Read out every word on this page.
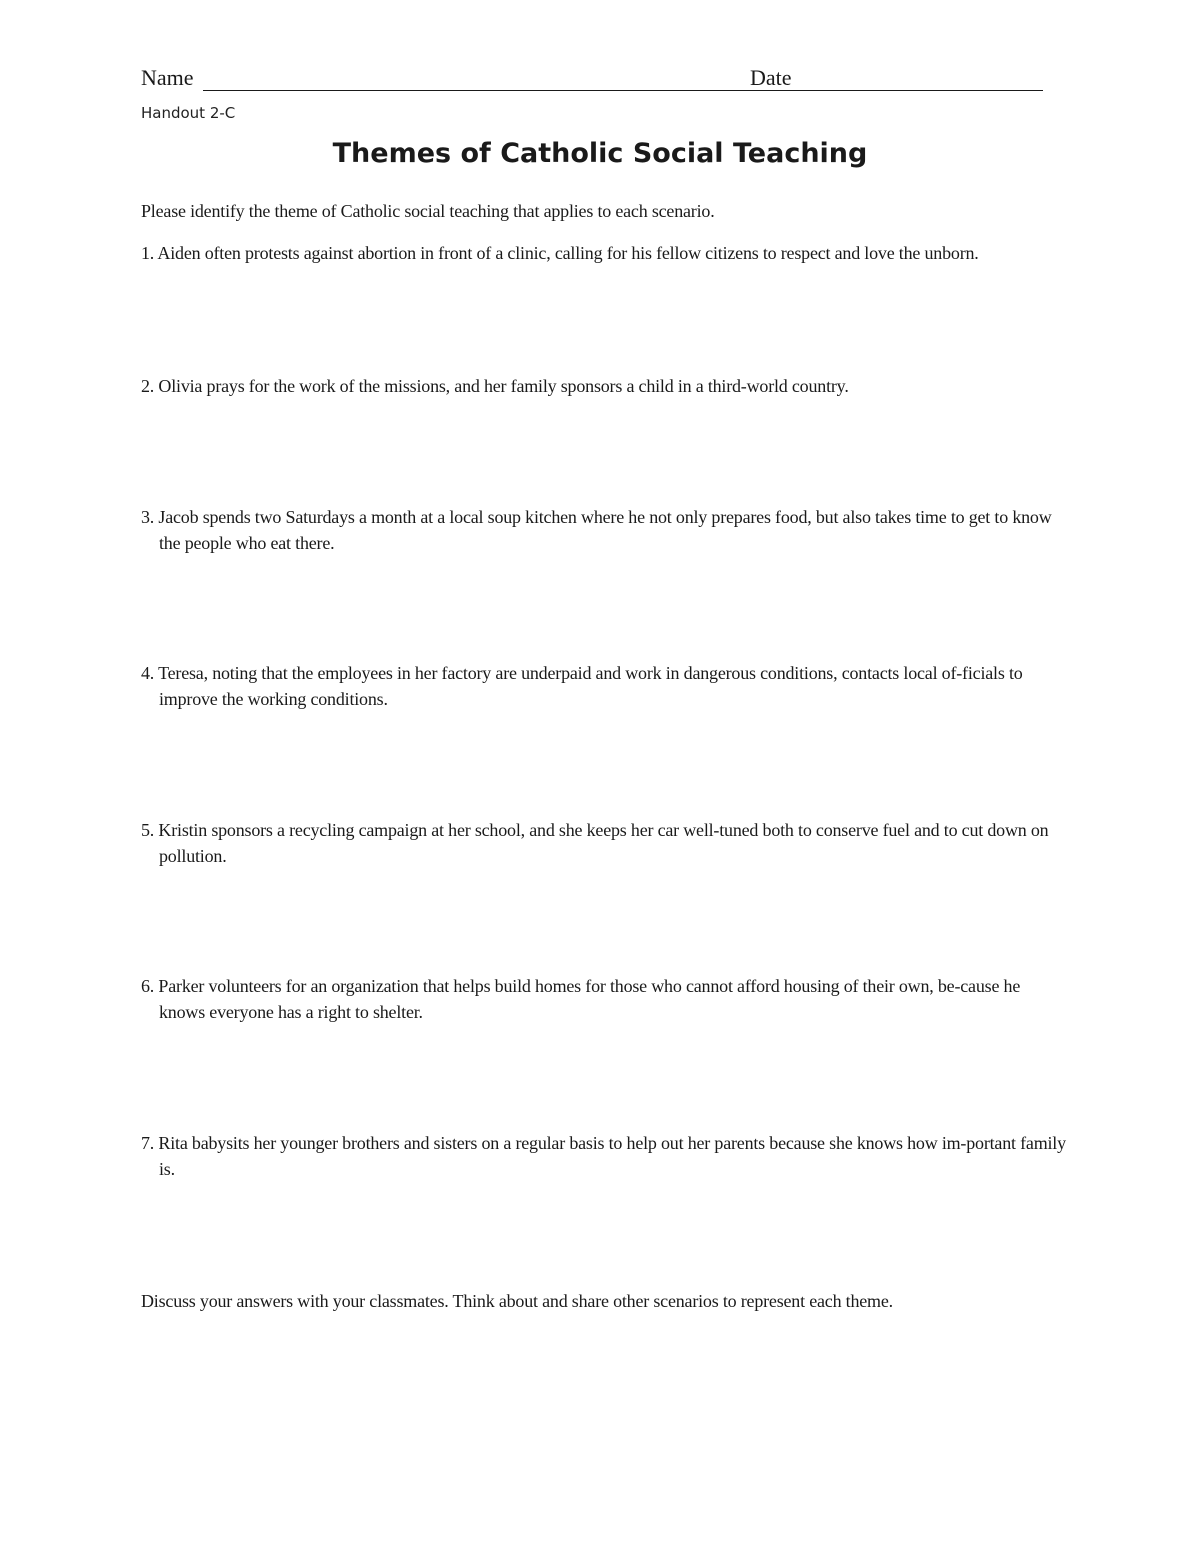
Name	Date
Handout 2-C
Themes of Catholic Social Teaching
Please identify the theme of Catholic social teaching that applies to each scenario.
1. Aiden often protests against abortion in front of a clinic, calling for his fellow citizens to respect and love the unborn.
2. Olivia prays for the work of the missions, and her family sponsors a child in a third-world country.
3. Jacob spends two Saturdays a month at a local soup kitchen where he not only prepares food, but also takes time to get to know the people who eat there.
4. Teresa, noting that the employees in her factory are underpaid and work in dangerous conditions, contacts local of-ficials to improve the working conditions.
5. Kristin sponsors a recycling campaign at her school, and she keeps her car well-tuned both to conserve fuel and to cut down on pollution.
6. Parker volunteers for an organization that helps build homes for those who cannot afford housing of their own, be-cause he knows everyone has a right to shelter.
7. Rita babysits her younger brothers and sisters on a regular basis to help out her parents because she knows how im-portant family is.
Discuss your answers with your classmates. Think about and share other scenarios to represent each theme.
